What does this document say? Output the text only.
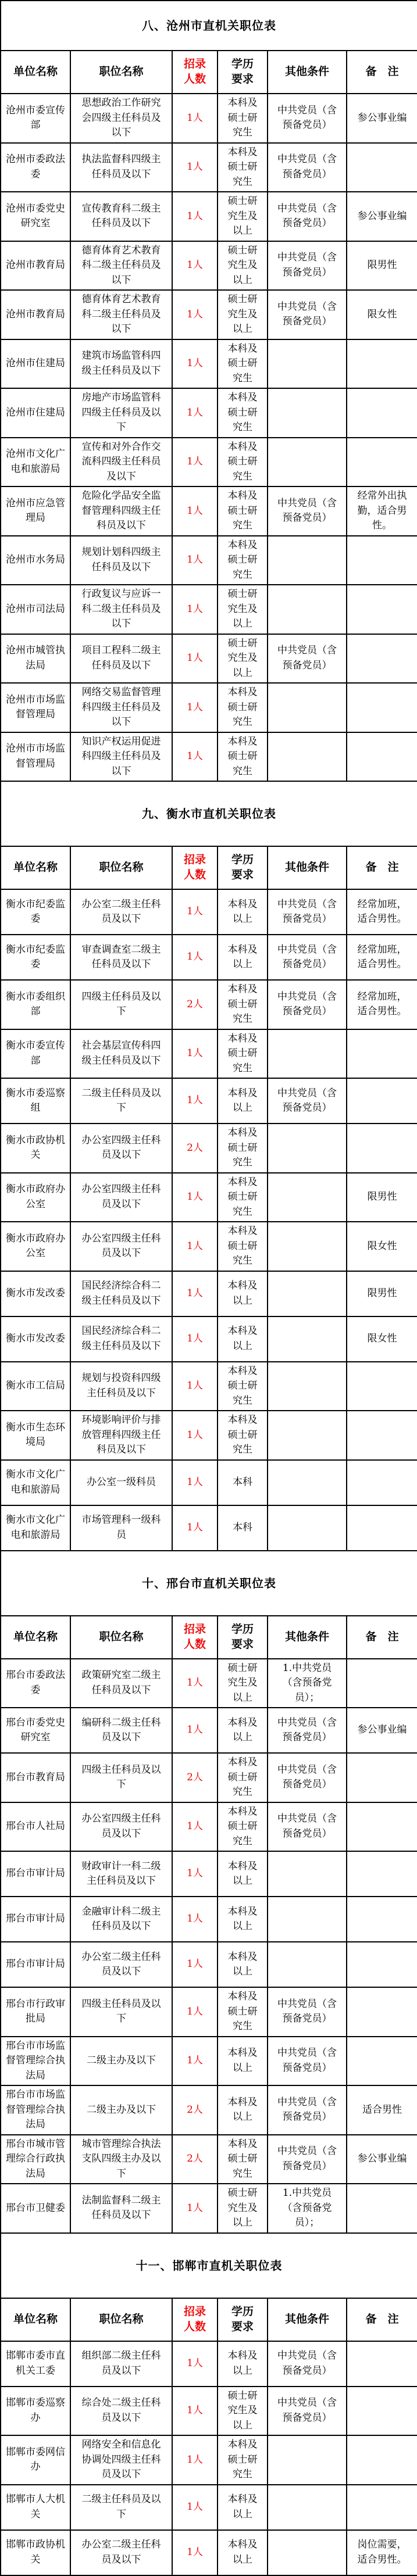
八、沧州市直机关职位表					
单位名称	职位名称	招录人数	学历要求	其他条件	备　注
沧州市委宣传部	思想政治工作研究会四级主任科员及以下	1人	本科及硕士研究生	中共党员（含预备党员）	参公事业编
沧州市委政法委	执法监督科四级主任科员及以下	1人	本科及硕士研究生	中共党员（含预备党员）	
沧州市委党史研究室	宣传教育科二级主任科员及以下	1人	硕士研究生及以上	中共党员（含预备党员）	参公事业编
沧州市教育局	德育体育艺术教育科二级主任科员及以下	1人	硕士研究生及以上	中共党员（含预备党员）	限男性
沧州市教育局	德育体育艺术教育科二级主任科员及以下	1人	硕士研究生及以上	中共党员（含预备党员）	限女性
沧州市住建局	建筑市场监管科四级主任科员及以下	1人	本科及硕士研究生		
沧州市住建局	房地产市场监管科四级主任科员及以下	1人	本科及硕士研究生		
沧州市文化广电和旅游局	宣传和对外合作交流科四级主任科员及以下	1人	本科及硕士研究生		
沧州市应急管理局	危险化学品安全监督管理科四级主任科员及以下	1人	本科及硕士研究生	中共党员（含预备党员）	经常外出执勤，适合男性。
沧州市水务局	规划计划科四级主任科员及以下	1人	本科及硕士研究生		
沧州市司法局	行政复议与应诉一科二级主任科员及以下	1人	硕士研究生及以上		
沧州市城管执法局	项目工程科二级主任科员及以下	1人	硕士研究生及以上	中共党员（含预备党员）	
沧州市市场监督管理局	网络交易监督管理科四级主任科员及以下	1人	本科及硕士研究生		
沧州市市场监督管理局	知识产权运用促进科四级主任科员及以下	1人	本科及硕士研究生		
九、衡水市直机关职位表					
单位名称	职位名称	招录人数	学历要求	其他条件	备　注
衡水市纪委监委	办公室二级主任科员及以下	1人	本科及以上	中共党员（含预备党员）	经常加班，适合男性。
衡水市纪委监委	审查调查室二级主任科员及以下	1人	本科及以上	中共党员（含预备党员）	经常加班，适合男性。
衡水市委组织部	四级主任科员及以下	2人	本科及硕士研究生	中共党员（含预备党员）	经常加班，适合男性。
衡水市委宣传部	社会基层宣传科四级主任科员及以下	1人	本科及硕士研究生		
衡水市委巡察组	二级主任科员及以下	1人	本科及以上	中共党员（含预备党员）	
衡水市政协机关	办公室四级主任科员及以下	2人	本科及硕士研究生		
衡水市政府办公室	办公室四级主任科员及以下	1人	本科及硕士研究生		限男性
衡水市政府办公室	办公室四级主任科员及以下	1人	本科及硕士研究生		限女性
衡水市发改委	国民经济综合科二级主任科员及以下	1人	本科及以上		限男性
衡水市发改委	国民经济综合科二级主任科员及以下	1人	本科及以上		限女性
衡水市工信局	规划与投资科四级主任科员及以下	1人	本科及硕士研究生		
衡水市生态环境局	环境影响评价与排放管理科四级主任科员及以下	1人	本科及硕士研究生		
衡水市文化广电和旅游局	办公室一级科员	1人	本科		
衡水市文化广电和旅游局	市场管理科一级科员	1人	本科		
十、邢台市直机关职位表					
单位名称	职位名称	招录人数	学历要求	其他条件	备　注
邢台市委政法委	政策研究室二级主任科员及以下	1人	硕士研究生及以上	1.中共党员（含预备党员）；	
邢台市委党史研究室	编研科二级主任科员及以下	1人	本科及以上	中共党员（含预备党员）	参公事业编
邢台市教育局	四级主任科员及以下	2人	本科及硕士研究生	中共党员（含预备党员）	
邢台市人社局	办公室四级主任科员及以下	1人	本科及硕士研究生	中共党员（含预备党员）	
邢台市审计局	财政审计一科二级主任科员及以下	1人	本科及以上		
邢台市审计局	金融审计科二级主任科员及以下	1人	本科及以上		
邢台市审计局	办公室二级主任科员及以下	1人	本科及以上		
邢台市行政审批局	四级主任科员及以下	1人	本科及硕士研究生	中共党员（含预备党员）	
邢台市市场监督管理综合执法局	二级主办及以下	1人	本科及以上	中共党员（含预备党员）	
邢台市市场监督管理综合执法局	二级主办及以下	2人	本科及以上	中共党员（含预备党员）	适合男性
邢台市城市管理综合行政执法局	城市管理综合执法支队四级主办及以下	2人	本科及硕士研究生	中共党员（含预备党员）	参公事业编
邢台市卫健委	法制监督科二级主任科员及以下	1人	硕士研究生及以上	1.中共党员（含预备党员）；	
十一、邯郸市直机关职位表					
单位名称	职位名称	招录人数	学历要求	其他条件	备　注
邯郸市委市直机关工委	组织部二级主任科员及以下	1人	本科及以上	中共党员（含预备党员）	
邯郸市委巡察办	综合处二级主任科员及以下	1人	硕士研究生及以上	中共党员（含预备党员）	
邯郸市委网信办	网络安全和信息化协调处四级主任科员及以下	1人	本科及硕士研究生		
邯郸市人大机关	二级主任科员及以下	1人	本科及以上		
邯郸市政协机关	办公室二级主任科员及以下	1人	本科及以上		岗位需要，适合男性。
